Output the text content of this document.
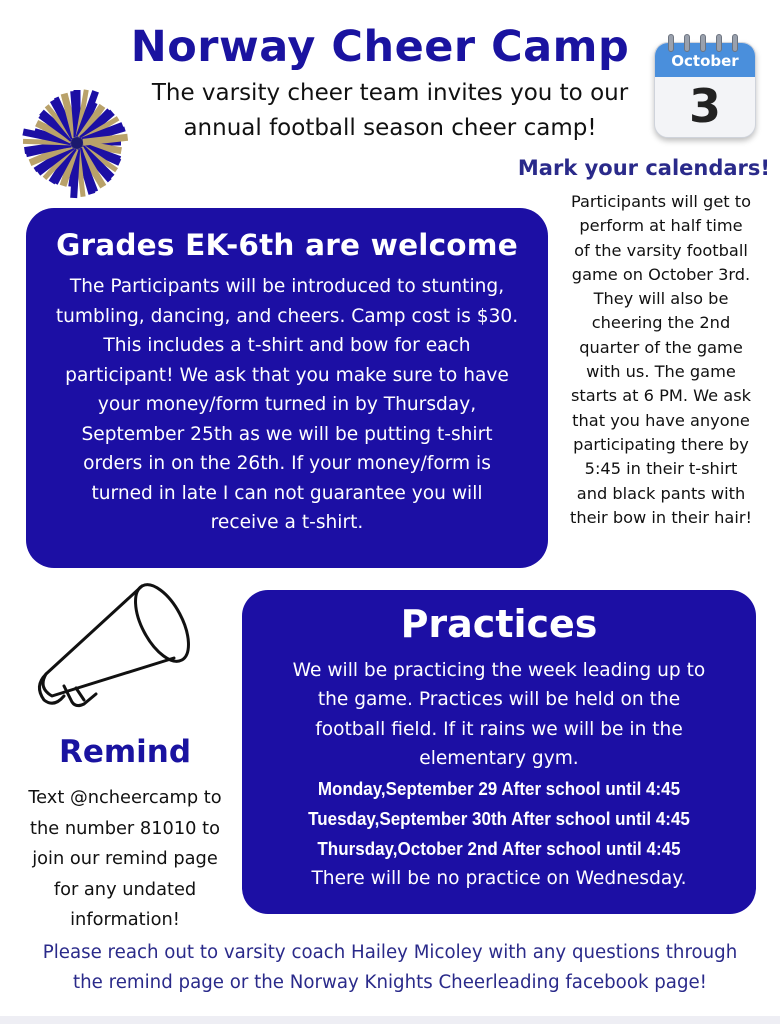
Norway Cheer Camp
The varsity cheer team invites you to our
annual football season cheer camp!
October
3
Mark your calendars!
Participants will get to
perform at half time
of the varsity football
game on October 3rd.
They will also be
cheering the 2nd
quarter of the game
with us. The game
starts at 6 PM. We ask
that you have anyone
participating there by
5:45 in their t-shirt
and black pants with
their bow in their hair!
Grades EK-6th are welcome

The Participants will be introduced to stunting,
tumbling, dancing, and cheers. Camp cost is $30.
This includes a t-shirt and bow for each
participant! We ask that you make sure to have
your money/form turned in by Thursday,
September 25th as we will be putting t-shirt
orders in on the 26th. If your money/form is
turned in late I can not guarantee you will
receive a t-shirt.

Remind
Text @ncheercamp to
the number 81010 to
join our remind page
for any undated
information!
Practices
We will be practicing the week leading up to
the game. Practices will be held on the
football field. If it rains we will be in the
elementary gym.
Monday,September 29 After school until 4:45
Tuesday,September 30th After school until 4:45
Thursday,October 2nd After school until 4:45
There will be no practice on Wednesday.
Please reach out to varsity coach Hailey Micoley with any questions through
the remind page or the Norway Knights Cheerleading facebook page!
